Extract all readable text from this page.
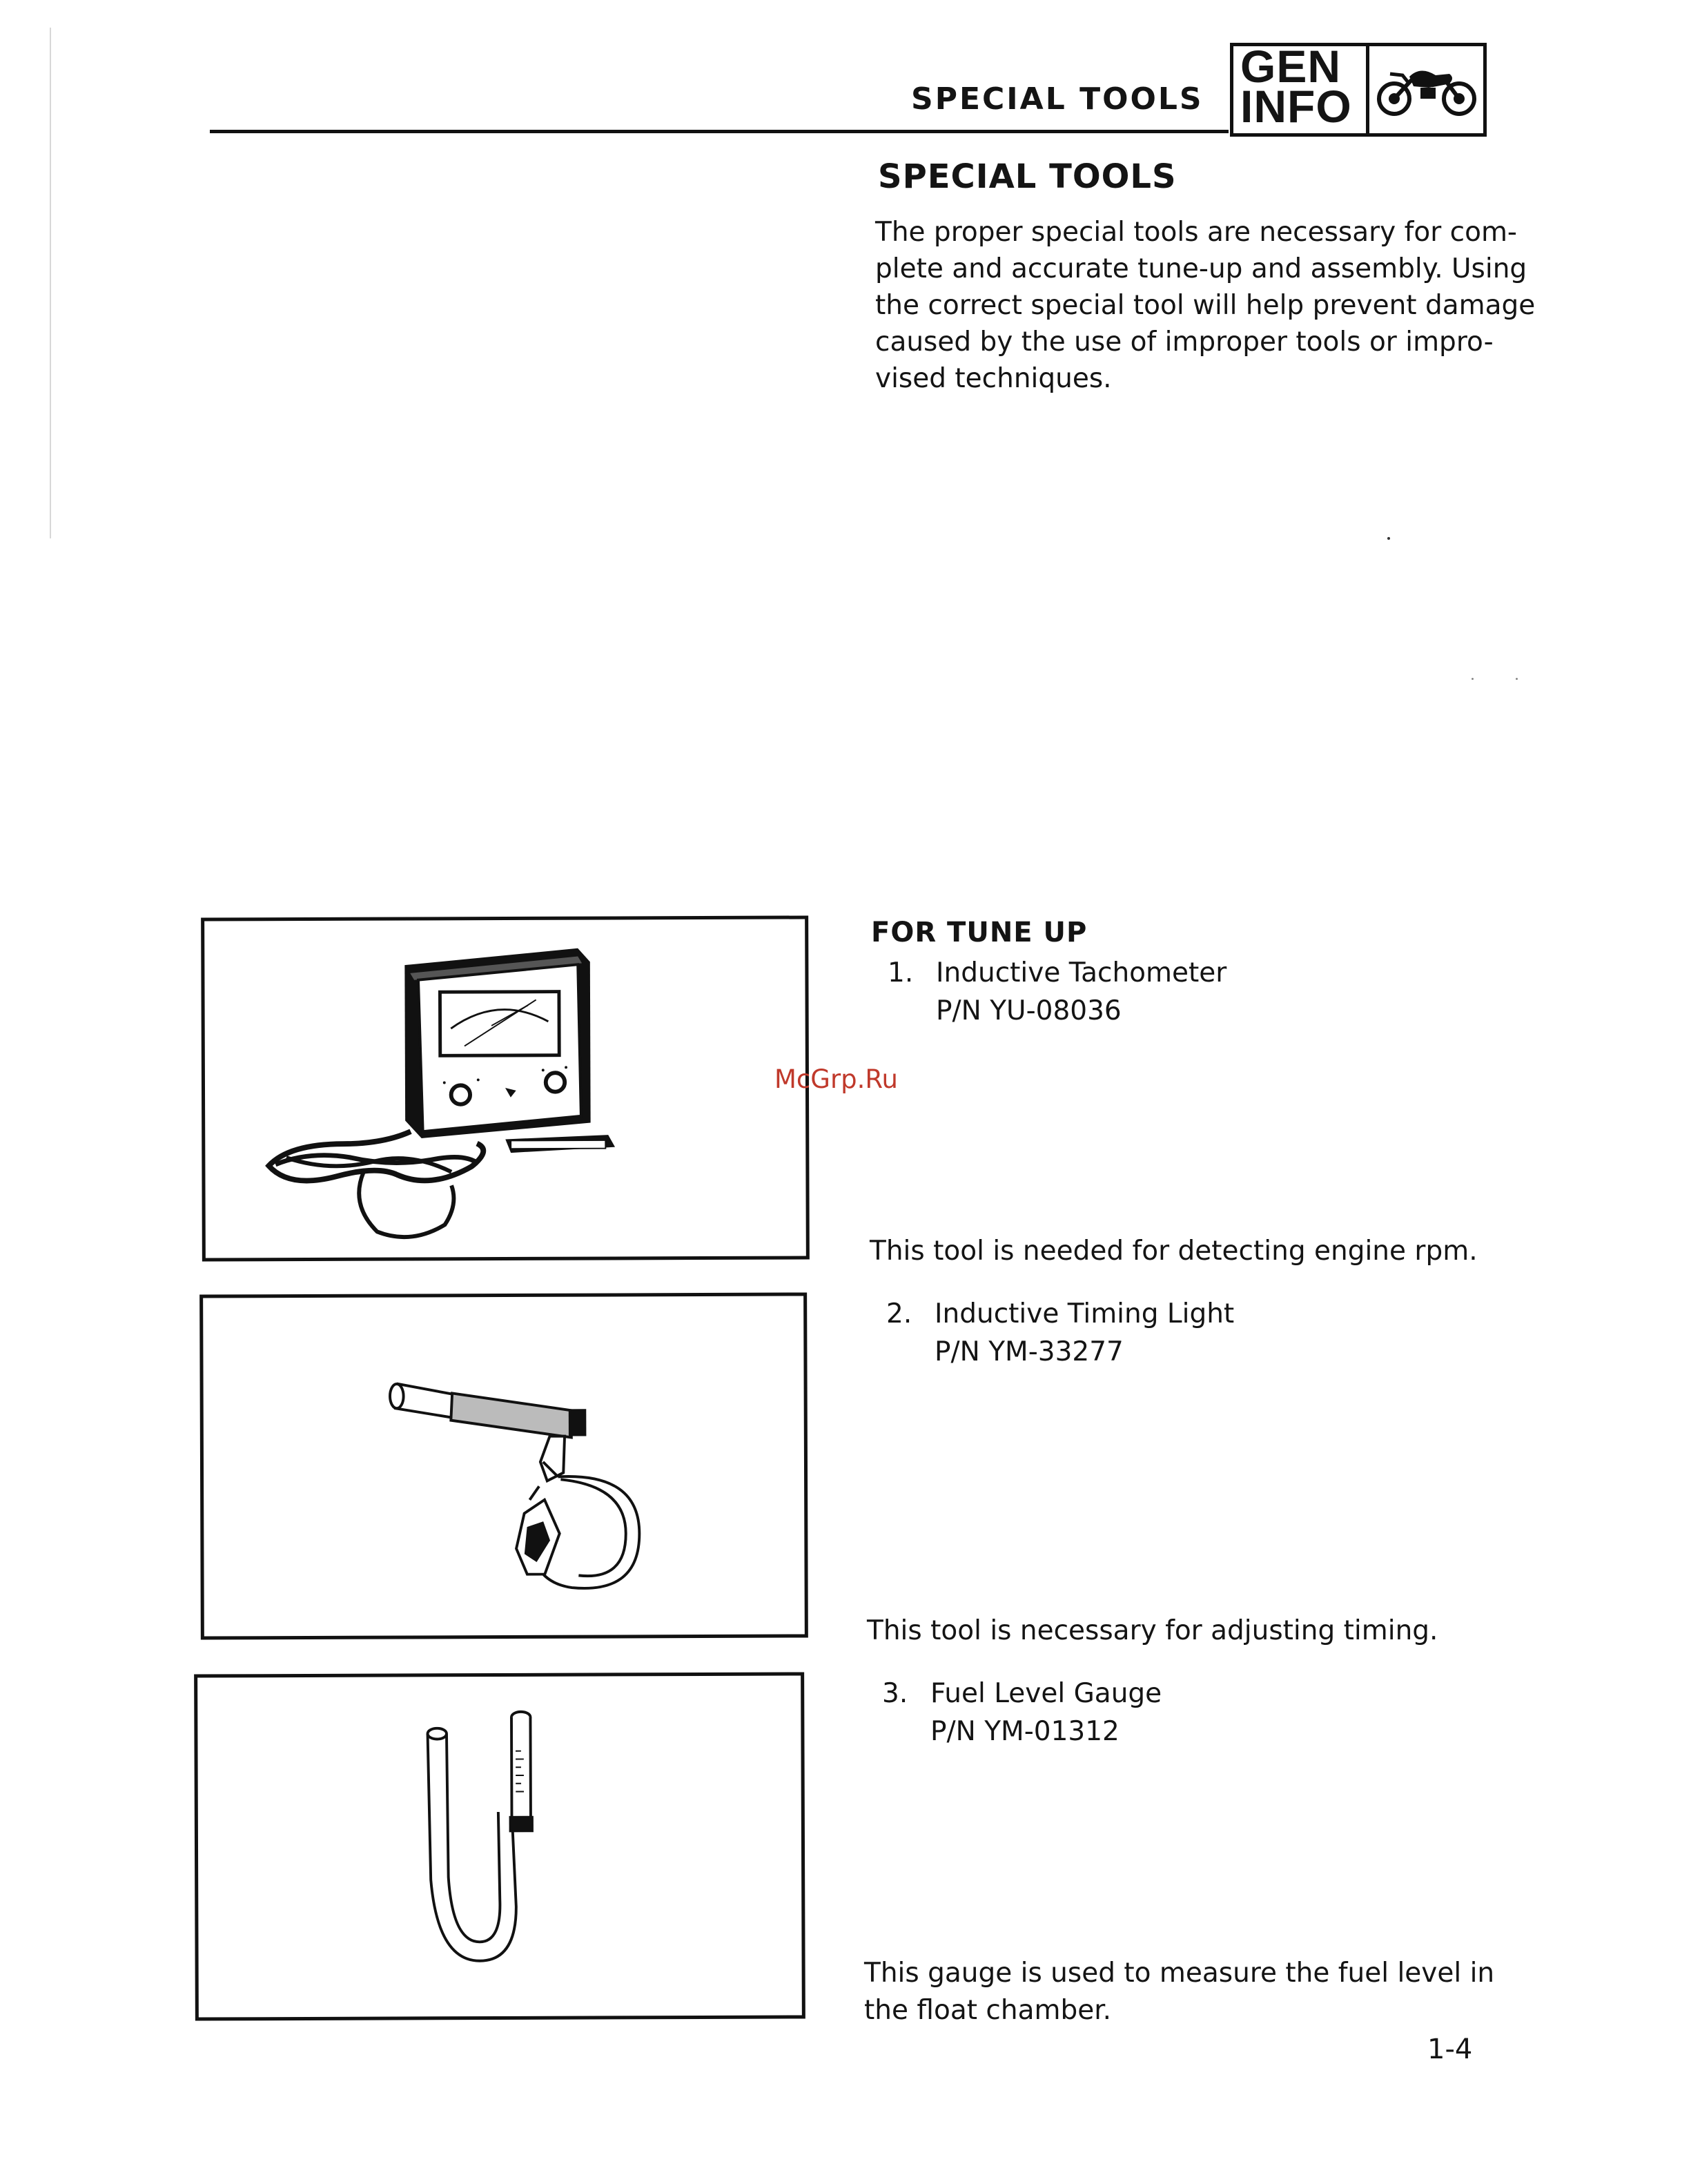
SPECIAL TOOLS
GEN
INFO
SPECIAL TOOLS
The proper special tools are necessary for com-
plete and accurate tune-up and assembly. Using
the correct special tool will help prevent damage
caused by the use of improper tools or impro-
vised techniques.
FOR TUNE UP
1. Inductive Tachometer
P/N YU-08036
This tool is needed for detecting engine rpm.
2. Inductive Timing Light
P/N YM-33277
This tool is necessary for adjusting timing.
3. Fuel Level Gauge
P/N YM-01312
This gauge is used to measure the fuel level in
the float chamber.
McGrp.Ru
1-4
